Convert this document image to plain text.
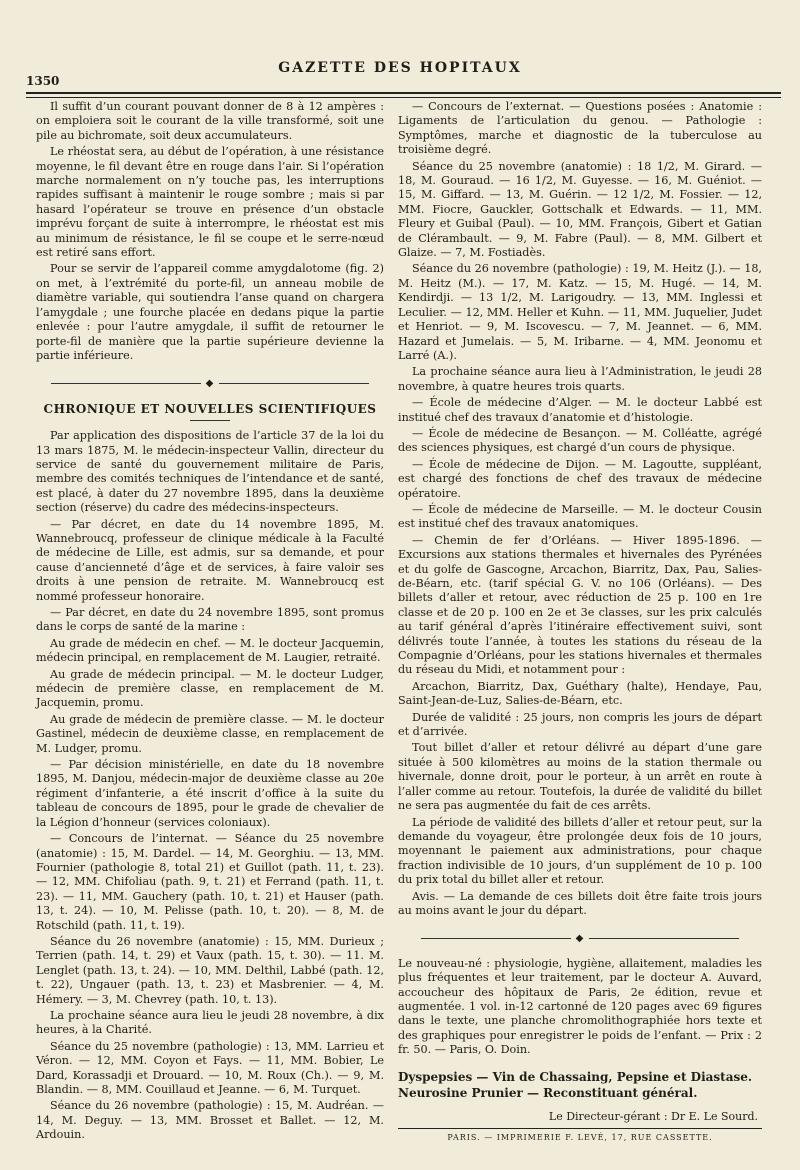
1350
GAZETTE DES HOPITAUX

Il suffit d’un courant pouvant donner de 8 à 12 ampères : on emploiera soit le courant de la ville transformé, soit une pile au bichromate, soit deux accumulateurs.

Le rhéostat sera, au début de l’opération, à une résistance moyenne, le fil devant être en rouge dans l’air. Si l’opération marche normalement on n’y touche pas, les interruptions rapides suffisant à maintenir le rouge sombre ; mais si par hasard l’opérateur se trouve en présence d’un obstacle imprévu forçant de suite à interrompre, le rhéostat est mis au minimum de résistance, le fil se coupe et le serre-nœud est retiré sans effort.

Pour se servir de l’appareil comme amygdalotome (fig. 2) on met, à l’extrémité du porte-fil, un anneau mobile de diamètre variable, qui soutiendra l’anse quand on chargera l’amygdale ; une fourche placée en dedans pique la partie enlevée : pour l’autre amygdale, il suffit de retourner le porte-fil de manière que la partie supérieure devienne la partie inférieure.

◆
CHRONIQUE ET NOUVELLES SCIENTIFIQUES

Par application des dispositions de l’article 37 de la loi du 13 mars 1875, M. le médecin-inspecteur Vallin, directeur du service de santé du gouvernement militaire de Paris, membre des comités techniques de l’intendance et de santé, est placé, à dater du 27 novembre 1895, dans la deuxième section (réserve) du cadre des médecins-inspecteurs.

— Par décret, en date du 14 novembre 1895, M. Wannebroucq, professeur de clinique médicale à la Faculté de médecine de Lille, est admis, sur sa demande, et pour cause d’ancienneté d’âge et de services, à faire valoir ses droits à une pension de retraite. M. Wannebroucq est nommé professeur honoraire.

— Par décret, en date du 24 novembre 1895, sont promus dans le corps de santé de la marine :

Au grade de médecin en chef. — M. le docteur Jacquemin, médecin principal, en remplacement de M. Laugier, retraité.

Au grade de médecin principal. — M. le docteur Ludger, médecin de première classe, en remplacement de M. Jacquemin, promu.

Au grade de médecin de première classe. — M. le docteur Gastinel, médecin de deuxième classe, en remplacement de M. Ludger, promu.

— Par décision ministérielle, en date du 18 novembre 1895, M. Danjou, médecin-major de deuxième classe au 20e régiment d’infanterie, a été inscrit d’office à la suite du tableau de concours de 1895, pour le grade de chevalier de la Légion d’honneur (services coloniaux).

— Concours de l’internat. — Séance du 25 novembre (anatomie) : 15, M. Dardel. — 14, M. Georghiu. — 13, MM. Fournier (pathologie 8, total 21) et Guillot (path. 11, t. 23). — 12, MM. Chifoliau (path. 9, t. 21) et Ferrand (path. 11, t. 23). — 11, MM. Gauchery (path. 10, t. 21) et Hauser (path. 13, t. 24). — 10, M. Pelisse (path. 10, t. 20). — 8, M. de Rotschild (path. 11, t. 19).

Séance du 26 novembre (anatomie) : 15, MM. Durieux ; Terrien (path. 14, t. 29) et Vaux (path. 15, t. 30). — 11. M. Lenglet (path. 13, t. 24). — 10, MM. Delthil, Labbé (path. 12, t. 22), Ungauer (path. 13, t. 23) et Masbrenier. — 4, M. Hémery. — 3, M. Chevrey (path. 10, t. 13).

La prochaine séance aura lieu le jeudi 28 novembre, à dix heures, à la Charité.

Séance du 25 novembre (pathologie) : 13, MM. Larrieu et Véron. — 12, MM. Coyon et Fays. — 11, MM. Bobier, Le Dard, Korassadji et Drouard. — 10, M. Roux (Ch.). — 9, M. Blandin. — 8, MM. Couillaud et Jeanne. — 6, M. Turquet.

Séance du 26 novembre (pathologie) : 15, M. Audréan. — 14, M. Deguy. — 13, MM. Brosset et Ballet. — 12, M. Ardouin.

— Concours de l’externat. — Questions posées : Anatomie : Ligaments de l’articulation du genou. — Pathologie : Symptômes, marche et diagnostic de la tuberculose au troisième degré.

Séance du 25 novembre (anatomie) : 18 1/2, M. Girard. — 18, M. Gouraud. — 16 1/2, M. Guyesse. — 16, M. Guéniot. — 15, M. Giffard. — 13, M. Guérin. — 12 1/2, M. Fossier. — 12, MM. Fiocre, Gauckler, Gottschalk et Edwards. — 11, MM. Fleury et Guibal (Paul). — 10, MM. François, Gibert et Gatian de Clérambault. — 9, M. Fabre (Paul). — 8, MM. Gilbert et Glaize. — 7, M. Fostiadès.

Séance du 26 novembre (pathologie) : 19, M. Heitz (J.). — 18, M. Heitz (M.). — 17, M. Katz. — 15, M. Hugé. — 14, M. Kendirdji. — 13 1/2, M. Larigoudry. — 13, MM. Inglessi et Leculier. — 12, MM. Heller et Kuhn. — 11, MM. Juquelier, Judet et Henriot. — 9, M. Iscovescu. — 7, M. Jeannet. — 6, MM. Hazard et Jumelais. — 5, M. Iribarne. — 4, MM. Jeonomu et Larré (A.).

La prochaine séance aura lieu à l’Administration, le jeudi 28 novembre, à quatre heures trois quarts.

— École de médecine d’Alger. — M. le docteur Labbé est institué chef des travaux d’anatomie et d’histologie.

— École de médecine de Besançon. — M. Colléatte, agrégé des sciences physiques, est chargé d’un cours de physique.

— École de médecine de Dijon. — M. Lagoutte, suppléant, est chargé des fonctions de chef des travaux de médecine opératoire.

— École de médecine de Marseille. — M. le docteur Cousin est institué chef des travaux anatomiques.

— Chemin de fer d’Orléans. — Hiver 1895-1896. — Excursions aux stations thermales et hivernales des Pyrénées et du golfe de Gascogne, Arcachon, Biarritz, Dax, Pau, Salies-de-Béarn, etc. (tarif spécial G. V. no 106 (Orléans). — Des billets d’aller et retour, avec réduction de 25 p. 100 en 1re classe et de 20 p. 100 en 2e et 3e classes, sur les prix calculés au tarif général d’après l’itinéraire effectivement suivi, sont délivrés toute l’année, à toutes les stations du réseau de la Compagnie d’Orléans, pour les stations hivernales et thermales du réseau du Midi, et notamment pour :

Arcachon, Biarritz, Dax, Guéthary (halte), Hendaye, Pau, Saint-Jean-de-Luz, Salies-de-Béarn, etc.

Durée de validité : 25 jours, non compris les jours de départ et d’arrivée.

Tout billet d’aller et retour délivré au départ d’une gare située à 500 kilomètres au moins de la station thermale ou hivernale, donne droit, pour le porteur, à un arrêt en route à l’aller comme au retour. Toutefois, la durée de validité du billet ne sera pas augmentée du fait de ces arrêts.

La période de validité des billets d’aller et retour peut, sur la demande du voyageur, être prolongée deux fois de 10 jours, moyennant le paiement aux administrations, pour chaque fraction indivisible de 10 jours, d’un supplément de 10 p. 100 du prix total du billet aller et retour.

Avis. — La demande de ces billets doit être faite trois jours au moins avant le jour du départ.

◆

Le nouveau-né : physiologie, hygiène, allaitement, maladies les plus fréquentes et leur traitement, par le docteur A. Auvard, accoucheur des hôpitaux de Paris, 2e édition, revue et augmentée. 1 vol. in-12 cartonné de 120 pages avec 69 figures dans le texte, une planche chromolithographiée hors texte et des graphiques pour enregistrer le poids de l’enfant. — Prix : 2 fr. 50. — Paris, O. Doin.

Dyspepsies — Vin de Chassaing, Pepsine et Diastase.
Neurosine Prunier — Reconstituant général.
Le Directeur-gérant : Dr E. Le Sourd.
PARIS. — IMPRIMERIE F. LEVÉ, 17, RUE CASSETTE.
